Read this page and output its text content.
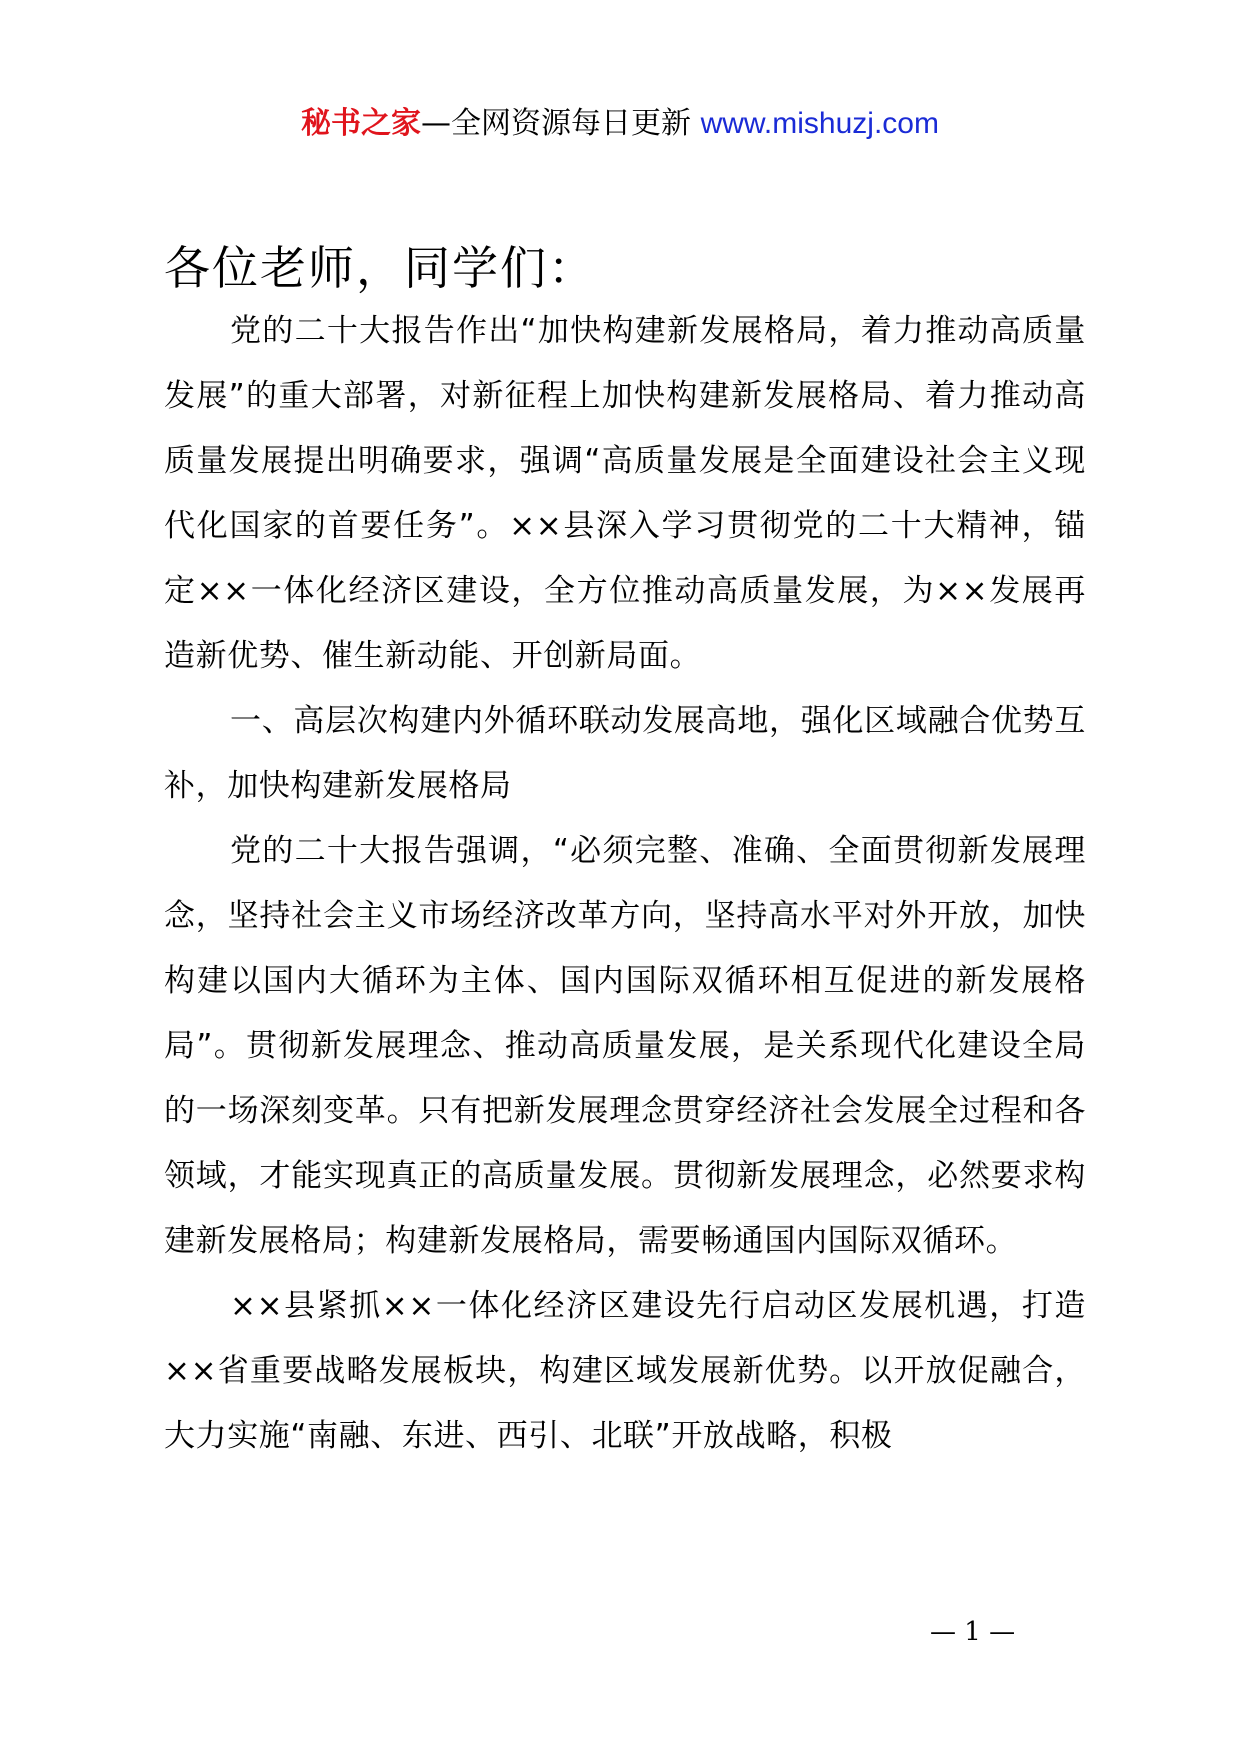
秘书之家—全网资源每日更新 www.mishuzj.com
各位老师，同学们：

党的二十大报告作出“加快构建新发展格局，着力推动高质量发展”的重大部署，对新征程上加快构建新发展格局、着力推动高质量发展提出明确要求，强调“高质量发展是全面建设社会主义现代化国家的首要任务”。××县深入学习贯彻党的二十大精神，锚定××一体化经济区建设，全方位推动高质量发展，为××发展再造新优势、催生新动能、开创新局面。

一、高层次构建内外循环联动发展高地，强化区域融合优势互补，加快构建新发展格局

党的二十大报告强调，“必须完整、准确、全面贯彻新发展理念，坚持社会主义市场经济改革方向，坚持高水平对外开放，加快构建以国内大循环为主体、国内国际双循环相互促进的新发展格局”。贯彻新发展理念、推动高质量发展，是关系现代化建设全局的一场深刻变革。只有把新发展理念贯穿经济社会发展全过程和各领域，才能实现真正的高质量发展。贯彻新发展理念，必然要求构建新发展格局；构建新发展格局，需要畅通国内国际双循环。

××县紧抓××一体化经济区建设先行启动区发展机遇，打造××省重要战略发展板块，构建区域发展新优势。以开放促融合，大力实施“南融、东进、西引、北联”开放战略，积极

— 1 —
